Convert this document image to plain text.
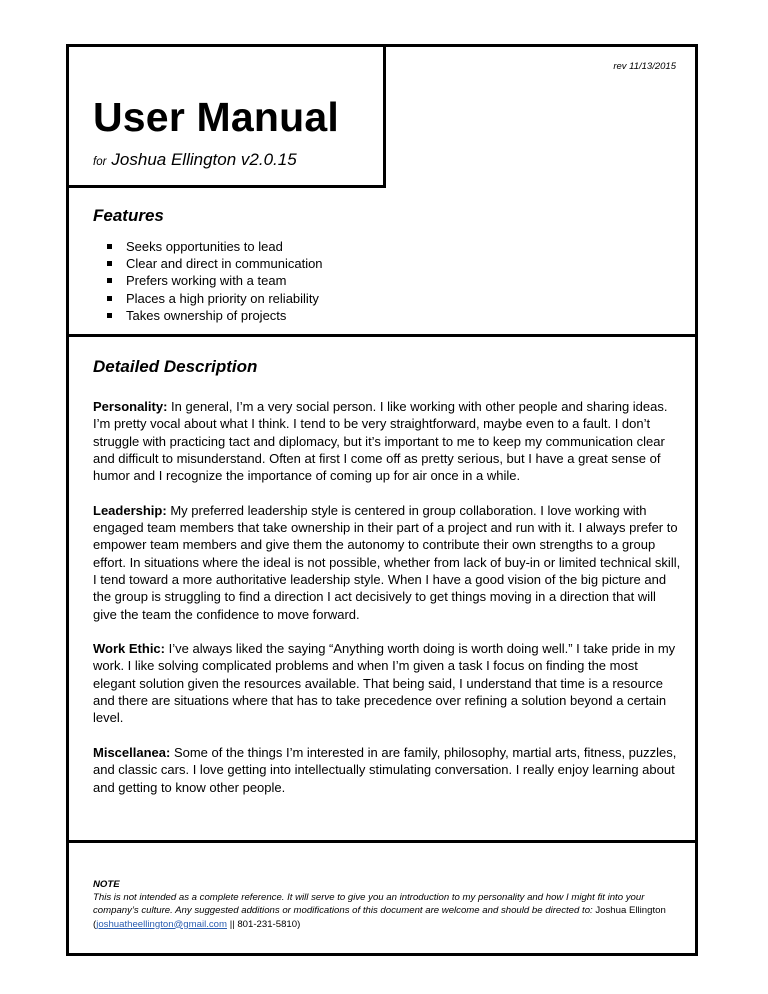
User Manual
for Joshua Ellington v2.0.15
rev 11/13/2015
Features
Seeks opportunities to lead
Clear and direct in communication
Prefers working with a team
Places a high priority on reliability
Takes ownership of projects
Detailed Description

Personality: In general, I’m a very social person. I like working with other people and sharing ideas. I’m pretty vocal about what I think. I tend to be very straightforward, maybe even to a fault. I don’t struggle with practicing tact and diplomacy, but it’s important to me to keep my communication clear and difficult to misunderstand. Often at first I come off as pretty serious, but I have a great sense of humor and I recognize the importance of coming up for air once in a while.

Leadership: My preferred leadership style is centered in group collaboration. I love working with engaged team members that take ownership in their part of a project and run with it. I always prefer to empower team members and give them the autonomy to contribute their own strengths to a group effort. In situations where the ideal is not possible, whether from lack of buy-in or limited technical skill, I tend toward a more authoritative leadership style. When I have a good vision of the big picture and the group is struggling to find a direction I act decisively to get things moving in a direction that will give the team the confidence to move forward.

Work Ethic: I’ve always liked the saying “Anything worth doing is worth doing well.” I take pride in my work. I like solving complicated problems and when I’m given a task I focus on finding the most elegant solution given the resources available. That being said, I understand that time is a resource and there are situations where that has to take precedence over refining a solution beyond a certain level.

Miscellanea: Some of the things I’m interested in are family, philosophy, martial arts, fitness, puzzles, and classic cars. I love getting into intellectually stimulating conversation. I really enjoy learning about and getting to know other people.

NOTE
This is not intended as a complete reference. It will serve to give you an introduction to my personality and how I might fit into your company’s culture. Any suggested additions or modifications of this document are welcome and should be directed to: Joshua Ellington (joshuatheellington@gmail.com || 801-231-5810)
